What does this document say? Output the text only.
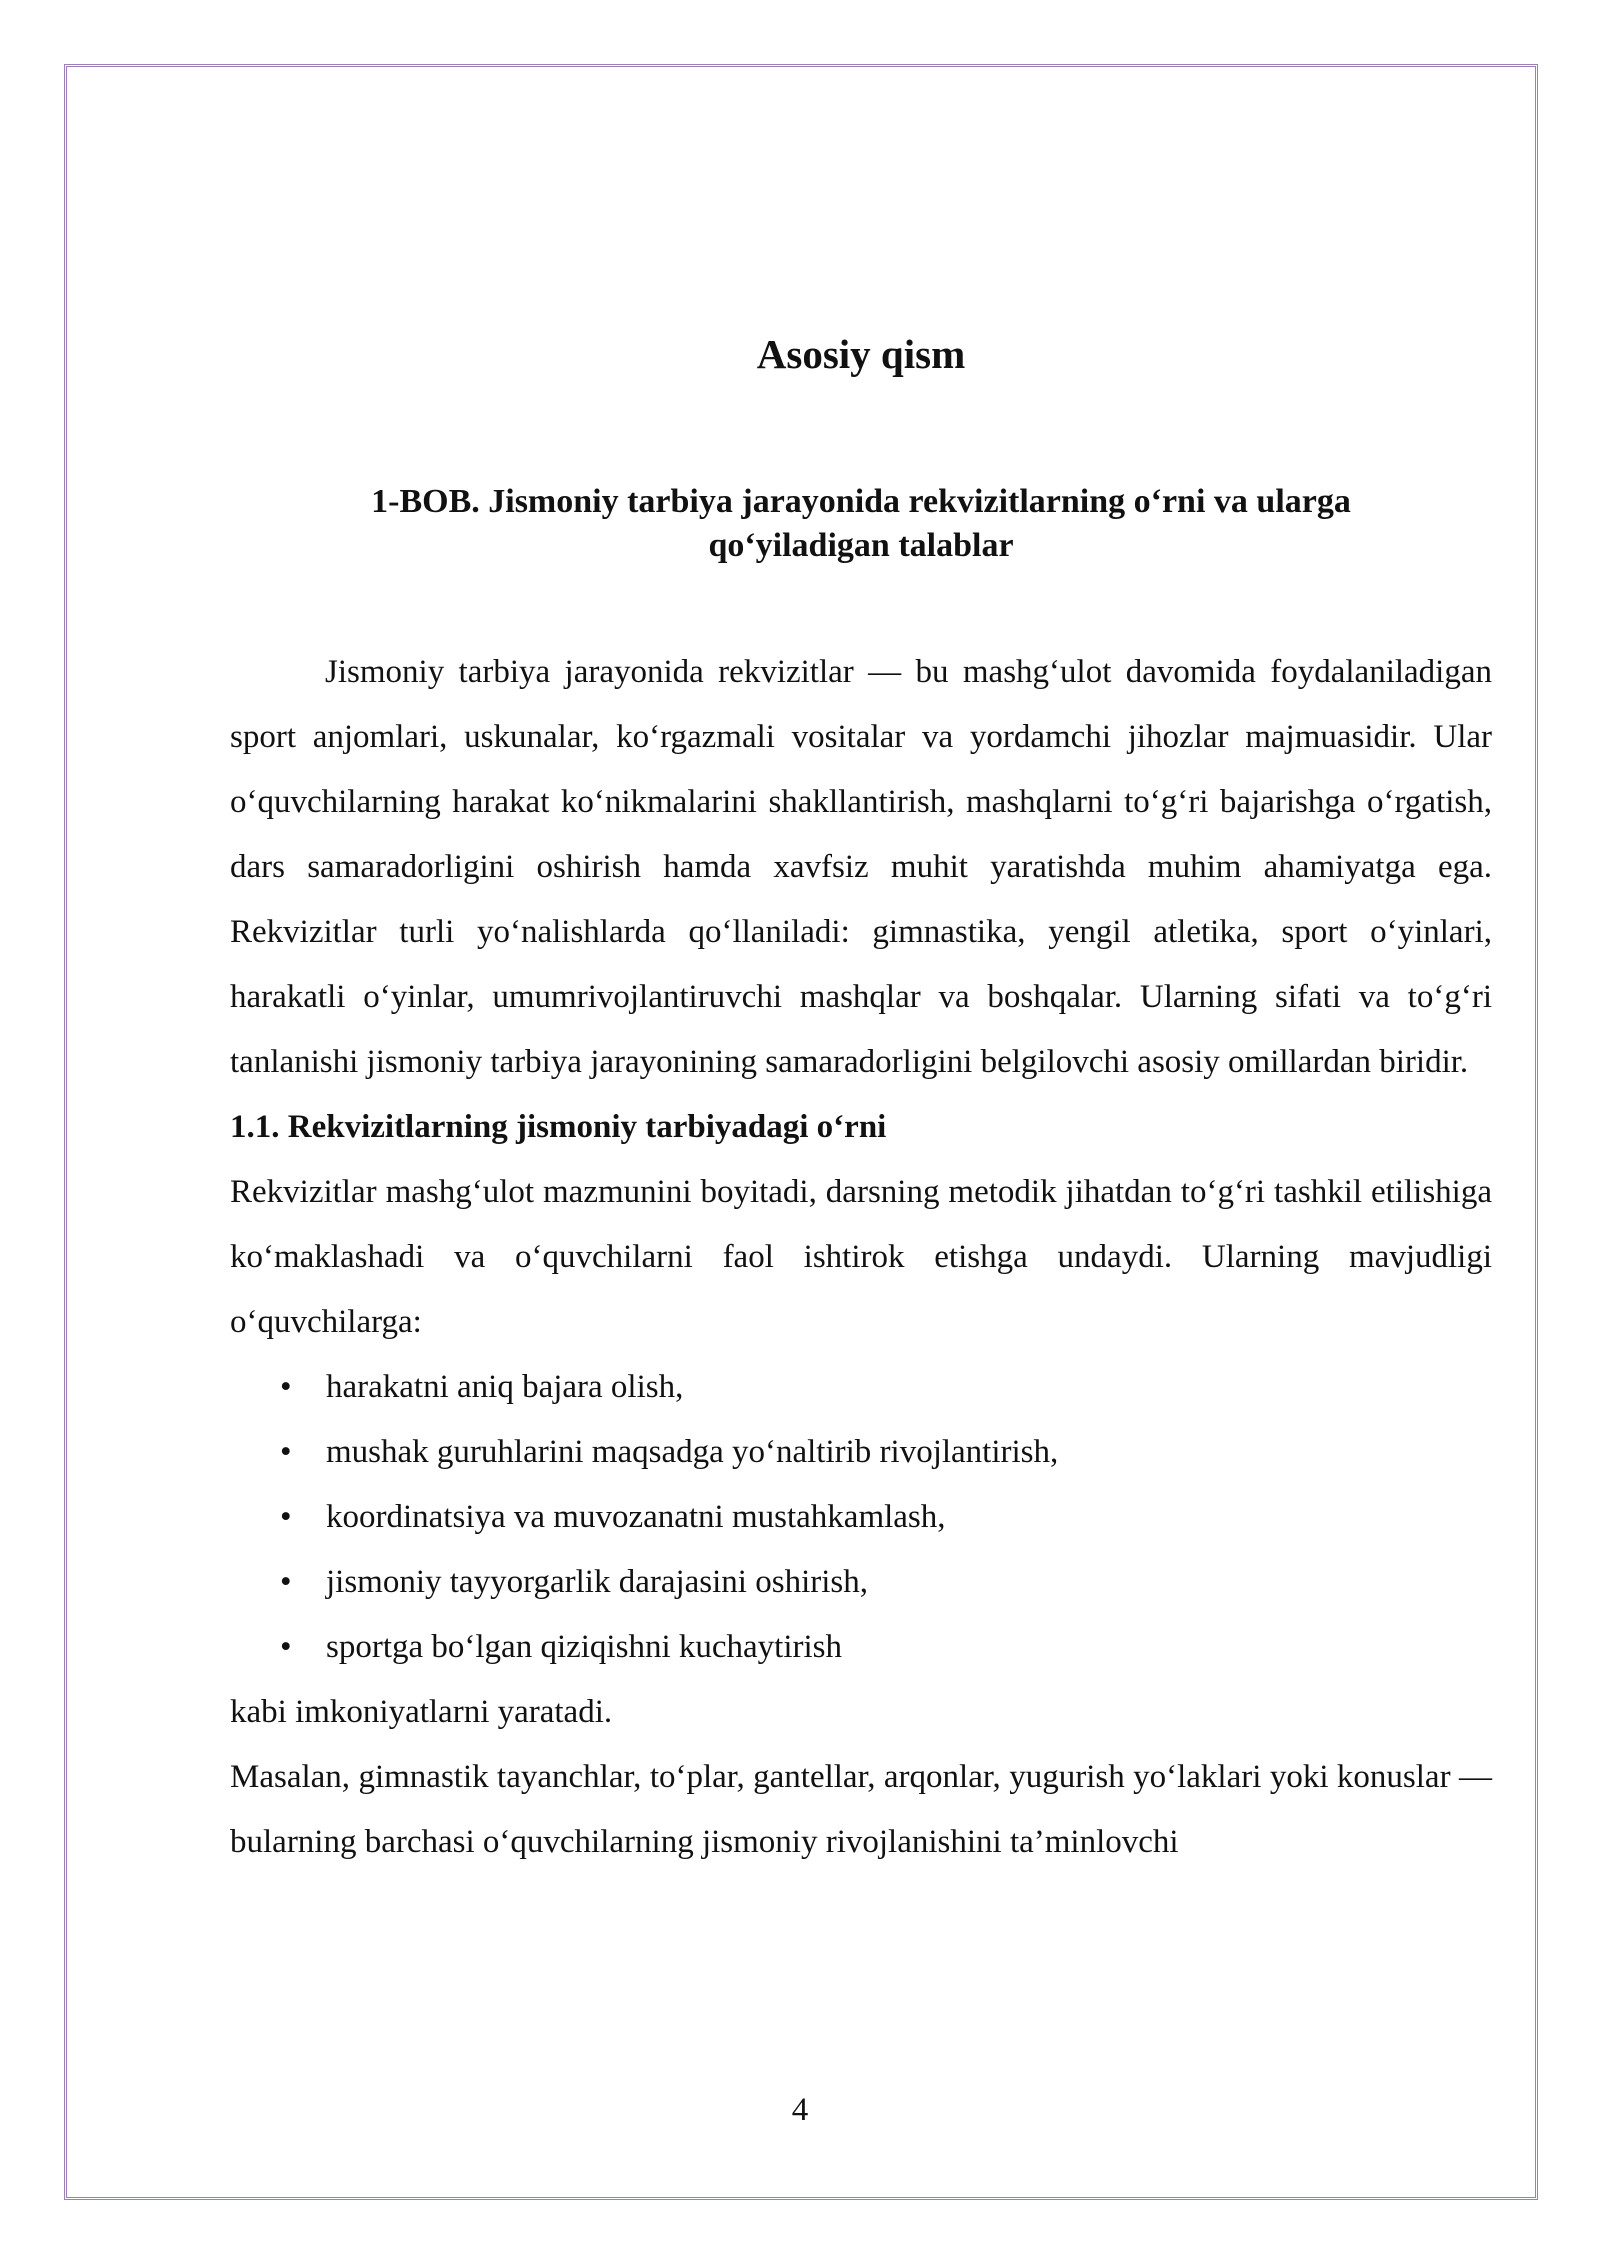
Asosiy qism
1-BOB. Jismoniy tarbiya jarayonida rekvizitlarning o‘rni va ularga
qo‘yiladigan talablar

Jismoniy tarbiya jarayonida rekvizitlar — bu mashg‘ulot davomida foydalaniladigan sport anjomlari, uskunalar, ko‘rgazmali vositalar va yordamchi jihozlar majmuasidir. Ular o‘quvchilarning harakat ko‘nikmalarini shakllantirish, mashqlarni to‘g‘ri bajarishga o‘rgatish, dars samaradorligini oshirish hamda xavfsiz muhit yaratishda muhim ahamiyatga ega. Rekvizitlar turli yo‘nalishlarda qo‘llaniladi: gimnastika, yengil atletika, sport o‘yinlari, harakatli o‘yinlar, umumrivojlantiruvchi mashqlar va boshqalar. Ularning sifati va to‘g‘ri tanlanishi jismoniy tarbiya jarayonining samaradorligini belgilovchi asosiy omillardan biridir.

1.1. Rekvizitlarning jismoniy tarbiyadagi o‘rni

Rekvizitlar mashg‘ulot mazmunini boyitadi, darsning metodik jihatdan to‘g‘ri tashkil etilishiga ko‘maklashadi va o‘quvchilarni faol ishtirok etishga undaydi. Ularning mavjudligi o‘quvchilarga:

• harakatni aniq bajara olish,
• mushak guruhlarini maqsadga yo‘naltirib rivojlantirish,
• koordinatsiya va muvozanatni mustahkamlash,
• jismoniy tayyorgarlik darajasini oshirish,
• sportga bo‘lgan qiziqishni kuchaytirish

kabi imkoniyatlarni yaratadi.

Masalan, gimnastik tayanchlar, to‘plar, gantellar, arqonlar, yugurish yo‘laklari yoki konuslar — bularning barchasi o‘quvchilarning jismoniy rivojlanishini ta’minlovchi

4
